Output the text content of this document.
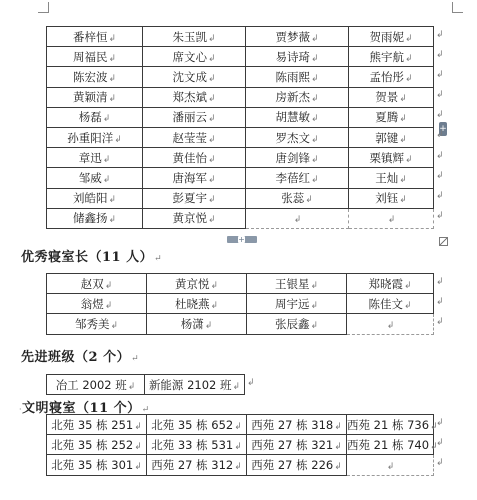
番梓恒↲	朱玉凯↲	贾梦薇↲	贺雨妮↲
周福民↲	席文心↲	易诗琦↲	熊宇航↲
陈宏波↲	沈文成↲	陈雨熙↲	孟怡彤↲
黄颖清↲	郑杰斌↲	房新杰↲	贺景↲
杨磊↲	潘丽云↲	胡慧敏↲	夏腾↲
孙重阳洋↲	赵莹莹↲	罗杰文↲	郭键↲
章迅↲	黄佳怡↲	唐剑锋↲	栗镇辉↲
邹威↲	唐海军↲	李蓓红↲	王灿↲
刘皓阳↲	彭夏宇↲	张蕊↲	刘钰↲
储鑫扬↲	黄京悦↲	↲	↲
+
+
优秀寝室长（11 人）↵
赵双↲	黄京悦↲	王银星↲	郑晓霞↲
翁煜↲	杜晓燕↲	周宇远↲	陈佳文↲
邹秀美↲	杨潇↲	张辰鑫↲	↲
先进班级（2 个）↵
冶工 2002 班↲	新能源 2102 班↲
·文明寝室（11 个）↵
北苑 35 栋 251↲	北苑 35 栋 652↲	西苑 27 栋 318↲	西苑 21 栋 736↲
北苑 35 栋 252↲	北苑 33 栋 531↲	西苑 27 栋 321↲	西苑 21 栋 740↲
北苑 35 栋 301↲	西苑 27 栋 312↲	西苑 27 栋 226↲	↲
↲
↲
↲
↲
↲
↲
↲
↲
↲
↲
↲
↲
↲
↲
↲
↲
↲
